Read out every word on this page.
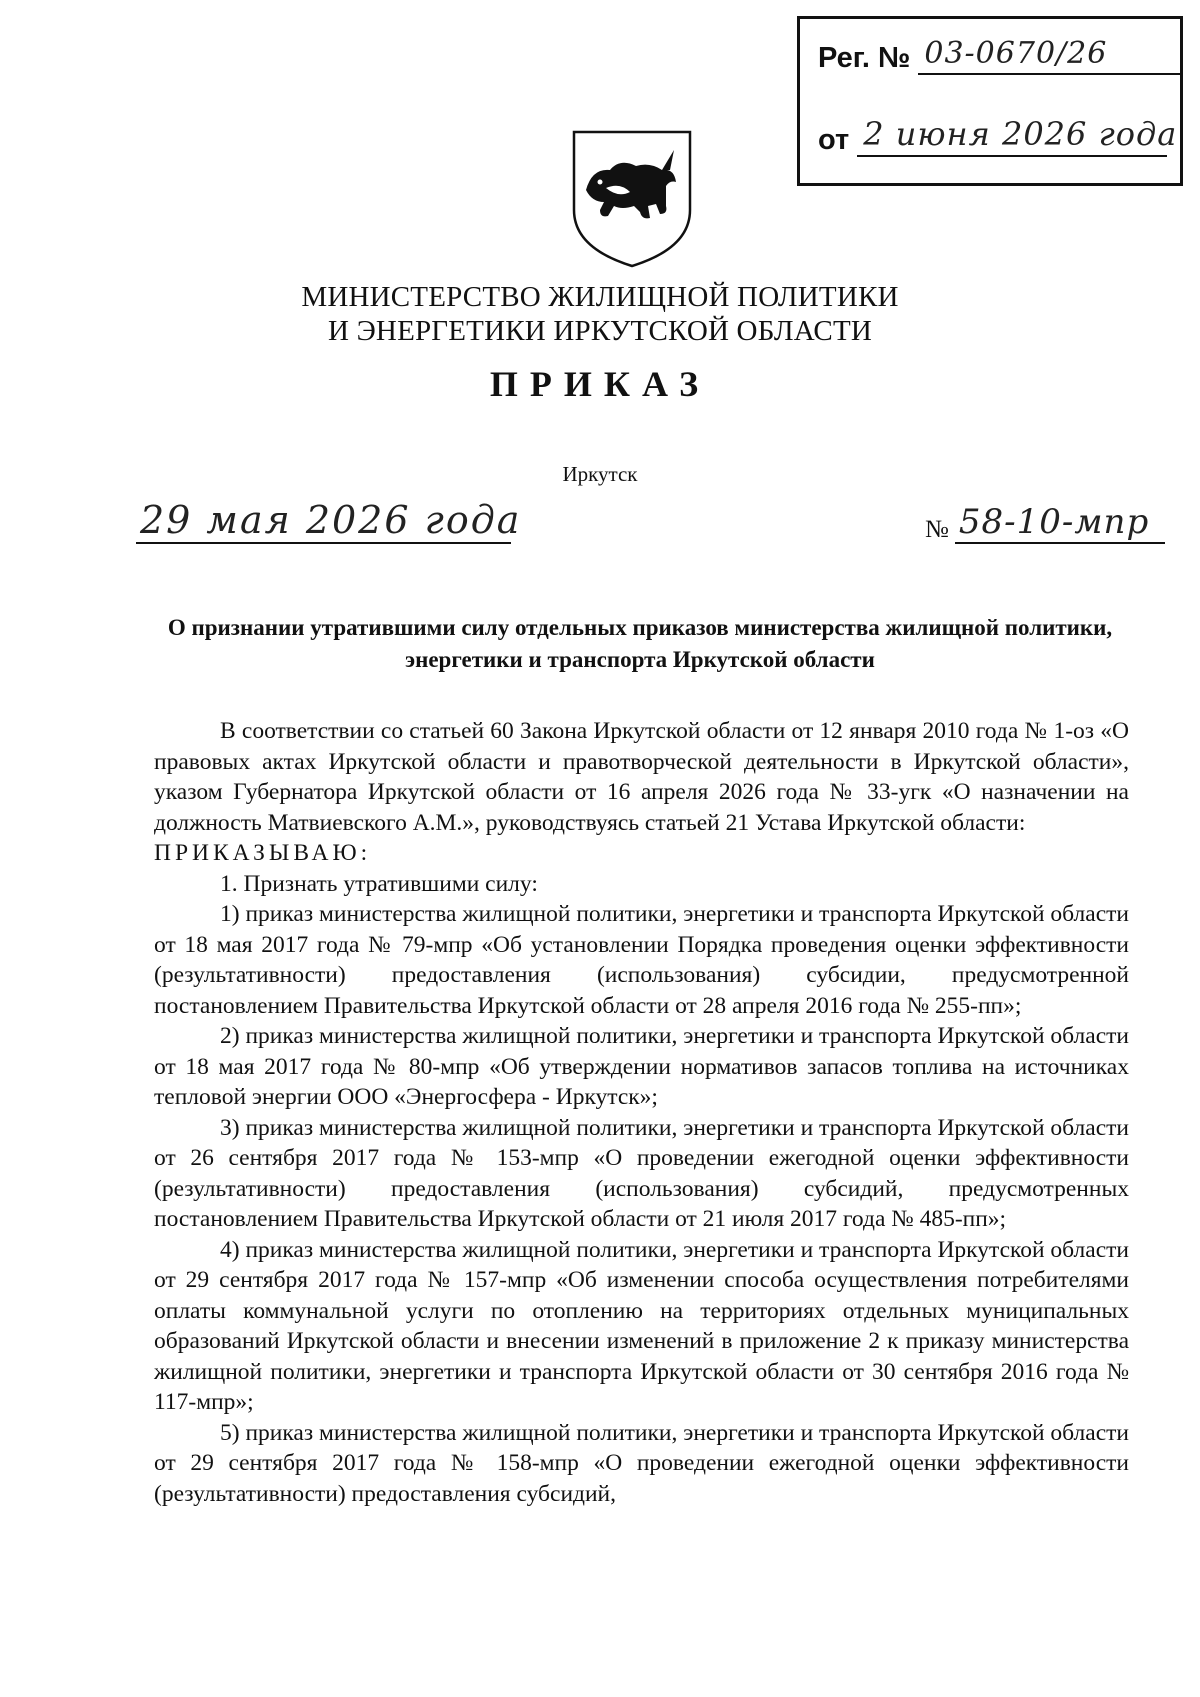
Рег. № 03-0670/26
от 2 июня 2026 года
МИНИСТЕРСТВО ЖИЛИЩНОЙ ПОЛИТИКИ
И ЭНЕРГЕТИКИ ИРКУТСКОЙ ОБЛАСТИ
ПРИКАЗ
Иркутск
29 мая 2026 года	№ 58-10-мпр
О признании утратившими силу отдельных приказов министерства жилищной политики, энергетики и транспорта Иркутской области

В соответствии со статьей 60 Закона Иркутской области от 12 января 2010 года № 1-оз «О правовых актах Иркутской области и правотворческой деятельности в Иркутской области», указом Губернатора Иркутской области от 16 апреля 2026 года № 33-угк «О назначении на должность Матвиевского А.М.», руководствуясь статьей 21 Устава Иркутской области:

ПРИКАЗЫВАЮ:

1. Признать утратившими силу:

1) приказ министерства жилищной политики, энергетики и транспорта Иркутской области от 18 мая 2017 года № 79-мпр «Об установлении Порядка проведения оценки эффективности (результативности) предоставления (использования) субсидии, предусмотренной постановлением Правительства Иркутской области от 28 апреля 2016 года № 255-пп»;

2) приказ министерства жилищной политики, энергетики и транспорта Иркутской области от 18 мая 2017 года № 80-мпр «Об утверждении нормативов запасов топлива на источниках тепловой энергии ООО «Энергосфера - Иркутск»;

3) приказ министерства жилищной политики, энергетики и транспорта Иркутской области от 26 сентября 2017 года № 153-мпр «О проведении ежегодной оценки эффективности (результативности) предоставления (использования) субсидий, предусмотренных постановлением Правительства Иркутской области от 21 июля 2017 года № 485-пп»;

4) приказ министерства жилищной политики, энергетики и транспорта Иркутской области от 29 сентября 2017 года № 157-мпр «Об изменении способа осуществления потребителями оплаты коммунальной услуги по отоплению на территориях отдельных муниципальных образований Иркутской области и внесении изменений в приложение 2 к приказу министерства жилищной политики, энергетики и транспорта Иркутской области от 30 сентября 2016 года № 117-мпр»;

5) приказ министерства жилищной политики, энергетики и транспорта Иркутской области от 29 сентября 2017 года № 158-мпр «О проведении ежегодной оценки эффективности (результативности) предоставления субсидий,
